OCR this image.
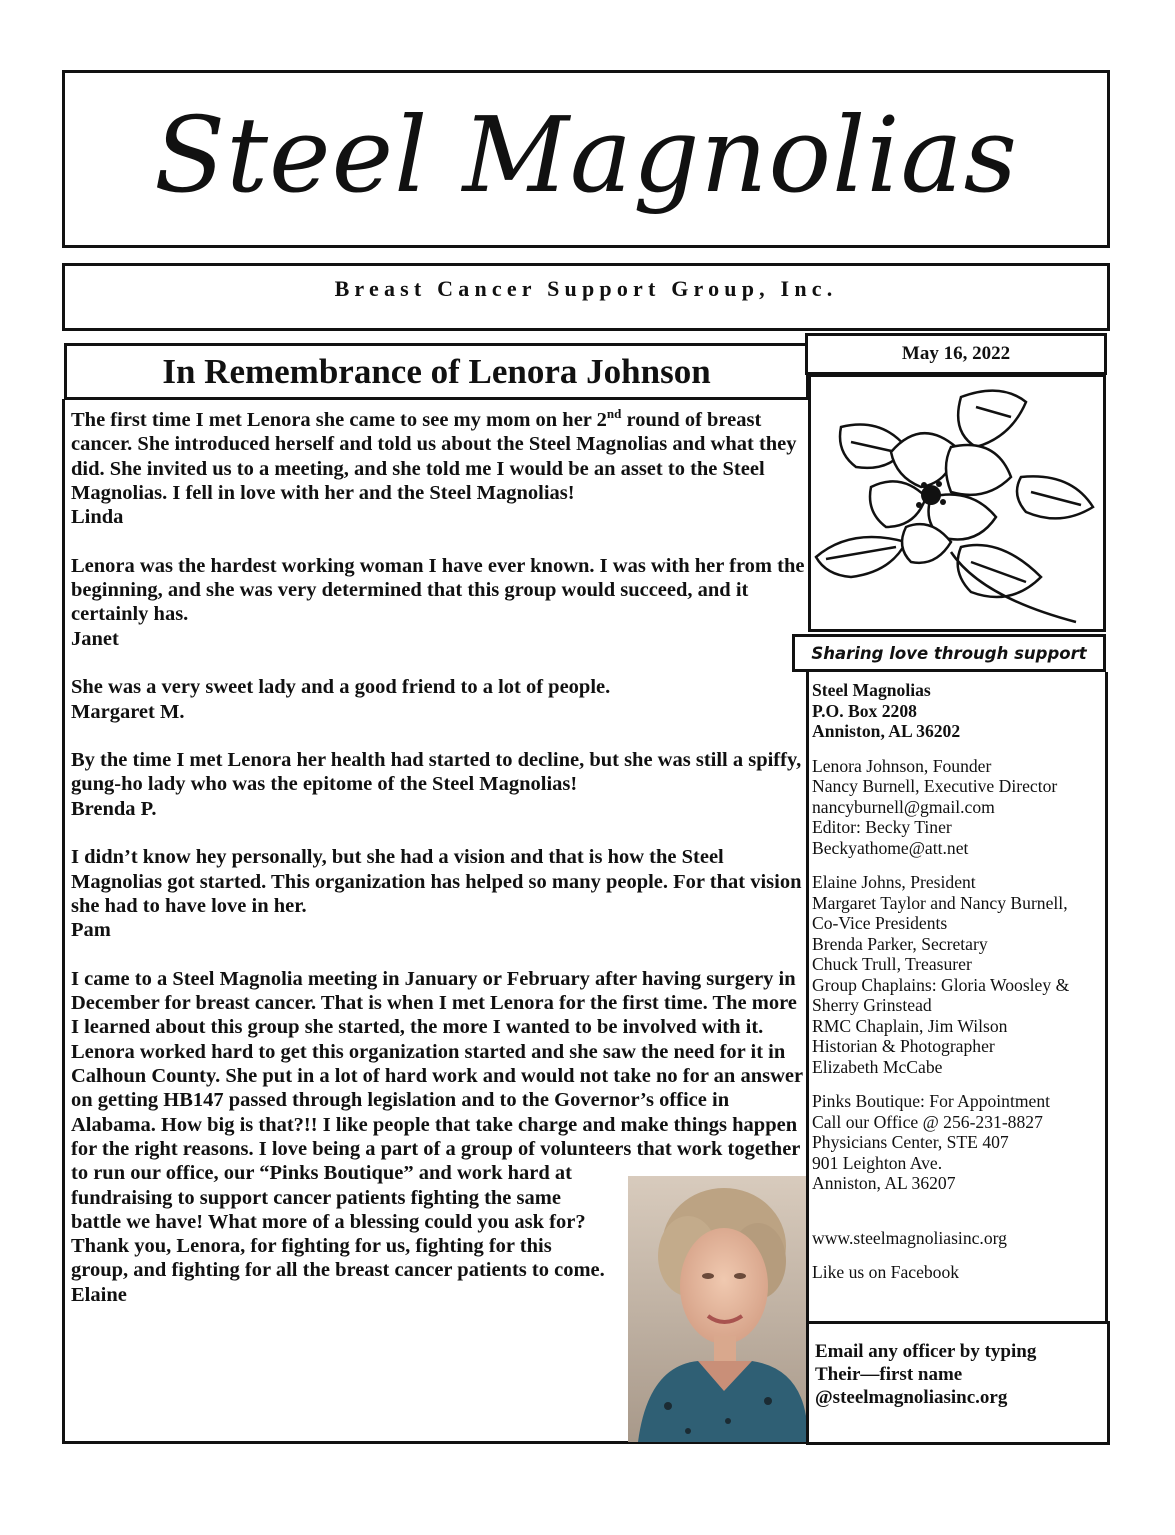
Steel Magnolias
Breast Cancer Support Group, Inc.
In Remembrance of Lenora Johnson

The first time I met Lenora she came to see my mom on her 2nd round of breast cancer. She introduced herself and told us about the Steel Magnolias and what they did. She invited us to a meeting, and she told me I would be an asset to the Steel Magnolias. I fell in love with her and the Steel Magnolias!
Linda

Lenora was the hardest working woman I have ever known. I was with her from the beginning, and she was very determined that this group would succeed, and it certainly has.
Janet

She was a very sweet lady and a good friend to a lot of people.
Margaret M.

By the time I met Lenora her health had started to decline, but she was still a spiffy, gung-ho lady who was the epitome of the Steel Magnolias!
Brenda P.

I didn’t know hey personally, but she had a vision and that is how the Steel Magnolias got started. This organization has helped so many people. For that vision she had to have love in her.
Pam

I came to a Steel Magnolia meeting in January or February after having surgery in December for breast cancer. That is when I met Lenora for the first time. The more I learned about this group she started, the more I wanted to be involved with it. Lenora worked hard to get this organization started and she saw the need for it in Calhoun County. She put in a lot of hard work and would not take no for an answer on getting HB147 passed through legislation and to the Governor’s office in Alabama. How big is that?!! I like people that take charge and make things happen for the right reasons. I love being a part of a group of volunteers that work together to run our office, our “Pinks Boutique” and work hard at fundraising to support cancer patients fighting the same battle we have! What more of a blessing could you ask for? Thank you, Lenora, for fighting for us, fighting for this group, and fighting for all the breast cancer patients to come.
Elaine

May 16, 2022
Sharing love through support
Steel Magnolias
P.O. Box 2208
Anniston, AL 36202
Lenora Johnson, Founder
Nancy Burnell, Executive Director
nancyburnell@gmail.com
Editor: Becky Tiner
Beckyathome@att.net
Elaine Johns, President
Margaret Taylor and Nancy Burnell,
Co-Vice Presidents
Brenda Parker, Secretary
Chuck Trull, Treasurer
Group Chaplains: Gloria Woosley &
Sherry Grinstead
RMC Chaplain, Jim Wilson
Historian & Photographer
Elizabeth McCabe
Pinks Boutique: For Appointment
Call our Office @ 256-231-8827
Physicians Center, STE 407
901 Leighton Ave.
Anniston, AL 36207
www.steelmagnoliasinc.org
Like us on Facebook
Email any officer by typing
Their—first name
@steelmagnoliasinc.org
